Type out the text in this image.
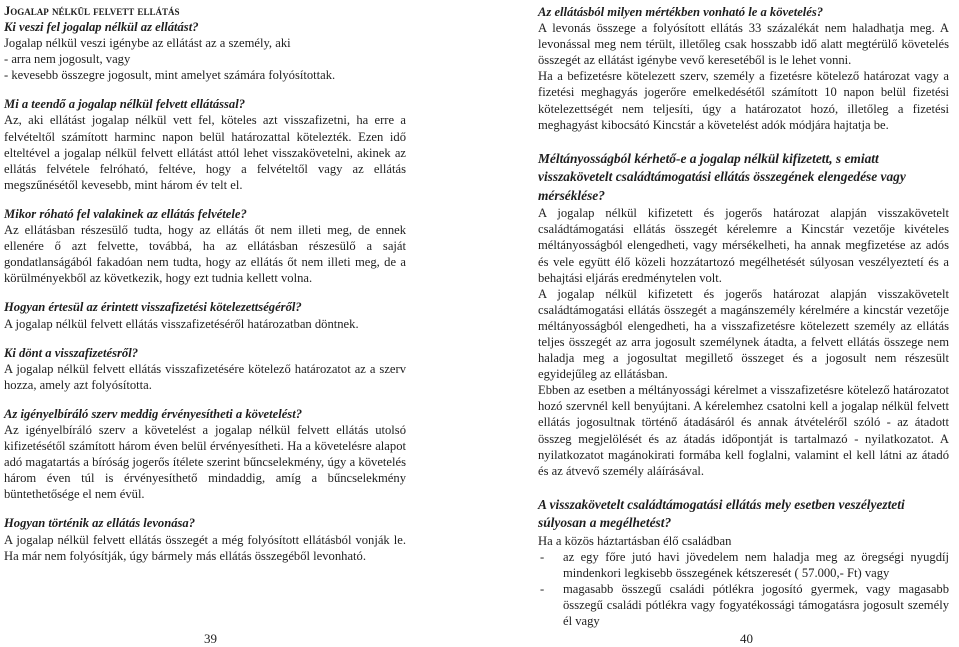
Jogalap nélkül felvett ellátás
Ki veszi fel jogalap nélkül az ellátást?

Jogalap nélkül veszi igénybe az ellátást az a személy, aki

- arra nem jogosult, vagy

- kevesebb összegre jogosult, mint amelyet számára folyósítottak.

Mi a teendő a jogalap nélkül felvett ellátással?

Az, aki ellátást jogalap nélkül vett fel, köteles azt visszafizetni, ha erre a felvételtől számított harminc napon belül határozattal kötelezték. Ezen idő elteltével a jogalap nélkül felvett ellátást attól lehet visszakövetelni, akinek az ellátás felvétele felróható, feltéve, hogy a felvételtől vagy az ellátás megszűnésétől kevesebb, mint három év telt el.

Mikor róható fel valakinek az ellátás felvétele?

Az ellátásban részesülő tudta, hogy az ellátás őt nem illeti meg, de ennek ellenére ő azt felvette, továbbá, ha az ellátásban részesülő a saját gondatlanságából fakadóan nem tudta, hogy az ellátás őt nem illeti meg, de a körülményekből az következik, hogy ezt tudnia kellett volna.

Hogyan értesül az érintett visszafizetési kötelezettségéről?

A jogalap nélkül felvett ellátás visszafizetéséről határozatban döntnek.

Ki dönt a visszafizetésről?

A jogalap nélkül felvett ellátás visszafizetésére kötelező határozatot az a szerv hozza, amely azt folyósította.

Az igényelbíráló szerv meddig érvényesítheti a követelést?

Az igényelbíráló szerv a követelést a jogalap nélkül felvett ellátás utolsó kifizetésétől számított három éven belül érvényesítheti. Ha a követelésre alapot adó magatartás a bíróság jogerős ítélete szerint bűncselekmény, úgy a követelés három éven túl is érvényesíthető mindaddig, amíg a bűncselekmény büntethetősége el nem évül.

Hogyan történik az ellátás levonása?

A jogalap nélkül felvett ellátás összegét a még folyósított ellátásból vonják le. Ha már nem folyósítják, úgy bármely más ellátás összegéből levonható.

Az ellátásból milyen mértékben vonható le a követelés?

A levonás összege a folyósított ellátás 33 százalékát nem haladhatja meg. A levonással meg nem térült, illetőleg csak hosszabb idő alatt megtérülő követelés összegét az ellátást igénybe vevő keresetéből is le lehet vonni.

Ha a befizetésre kötelezett szerv, személy a fizetésre kötelező határozat vagy a fizetési meghagyás jogerőre emelkedésétől számított 10 napon belül fizetési kötelezettségét nem teljesíti, úgy a határozatot hozó, illetőleg a fizetési meghagyást kibocsátó Kincstár a követelést adók módjára hajtatja be.

Méltányosságból kérhető-e a jogalap nélkül kifizetett, s emiatt visszakövetelt családtámogatási ellátás összegének elengedése vagy mérséklése?

A jogalap nélkül kifizetett és jogerős határozat alapján visszakövetelt családtámogatási ellátás összegét kérelemre a Kincstár vezetője kivételes méltányosságból elengedheti, vagy mérsékelheti, ha annak megfizetése az adós és vele együtt élő közeli hozzátartozó megélhetését súlyosan veszélyeztetí és a behajtási eljárás eredménytelen volt.

A jogalap nélkül kifizetett és jogerős határozat alapján visszakövetelt családtámogatási ellátás összegét a magánszemély kérelmére a kincstár vezetője méltányosságból elengedheti, ha a visszafizetésre kötelezett személy az ellátás teljes összegét az arra jogosult személynek átadta, a felvett ellátás összege nem haladja meg a jogosultat megillető összeget és a jogosult nem részesült egyidejűleg az ellátásban.

Ebben az esetben a méltányossági kérelmet a visszafizetésre kötelező határozatot hozó szervnél kell benyújtani. A kérelemhez csatolni kell a jogalap nélkül felvett ellátás jogosultnak történő átadásáról és annak átvételéről szóló - az átadott összeg megjelölését és az átadás időpontját is tartalmazó - nyilatkozatot. A nyilatkozatot magánokirati formába kell foglalni, valamint el kell látni az átadó és az átvevő személy aláírásával.

A visszakövetelt családtámogatási ellátás mely esetben veszélyezteti súlyosan a megélhetést?

Ha a közös háztartásban élő családban

- az egy főre jutó havi jövedelem nem haladja meg az öregségi nyugdíj mindenkori legkisebb összegének kétszeresét ( 57.000,- Ft) vagy
- magasabb összegű családi pótlékra jogosító gyermek, vagy magasabb összegű családi pótlékra vagy fogyatékossági támogatásra jogosult személy él vagy
39	40
